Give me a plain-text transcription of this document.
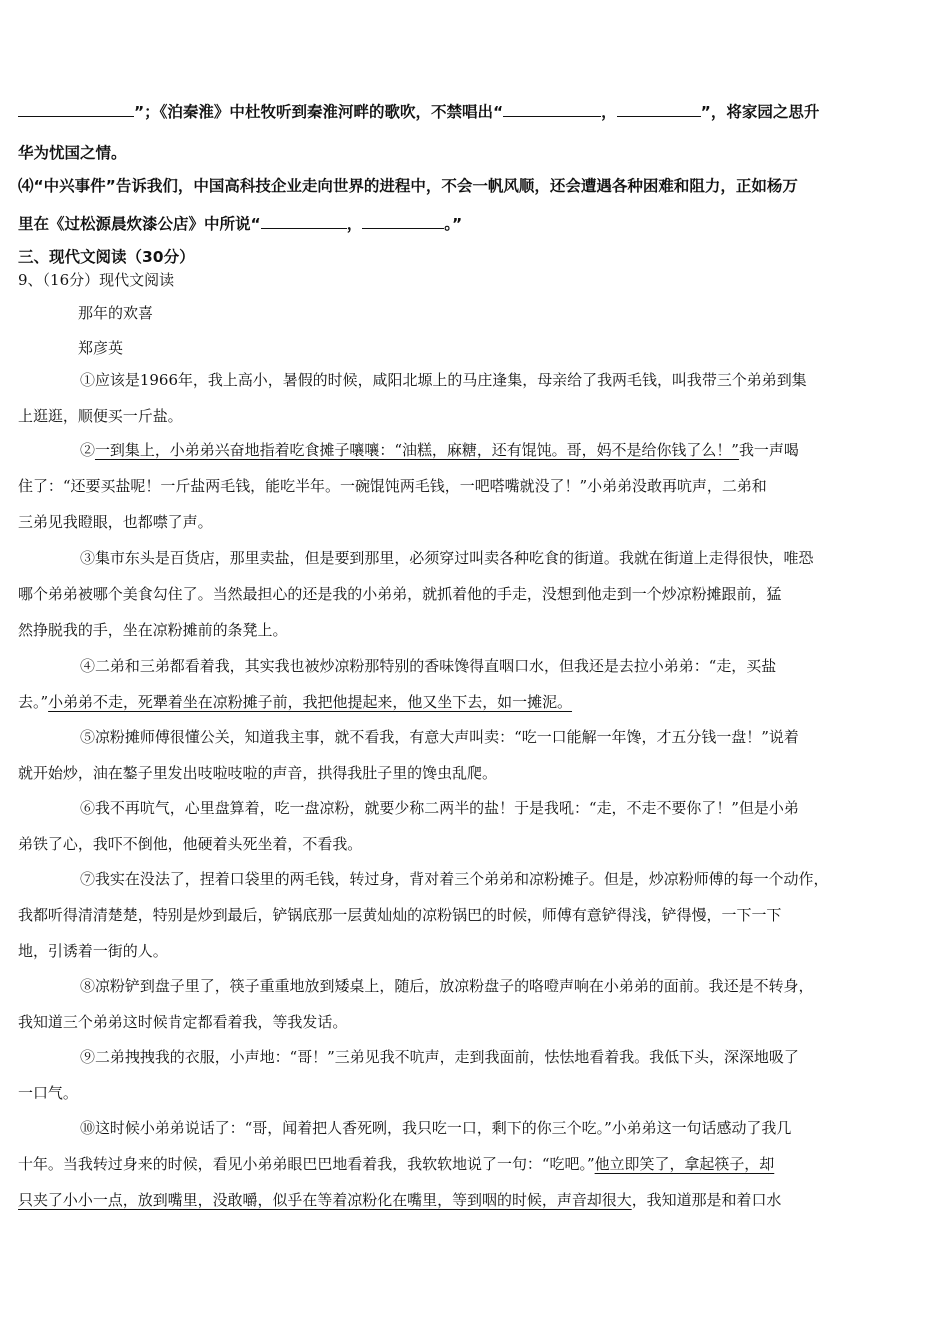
”；《泊秦淮》中杜牧听到秦淮河畔的歌吹，不禁唱出“	，	”，将家园之思升
华为忧国之情。
⑷“中兴事件”告诉我们，中国高科技企业走向世界的进程中，不会一帆风顺，还会遭遇各种困难和阻力，正如杨万
里在《过松源晨炊漆公店》中所说“	，	。”
三、现代文阅读（30分）
9、（16分）现代文阅读
那年的欢喜
郑彦英
①应该是1966年，我上高小，暑假的时候，咸阳北塬上的马庄逢集，母亲给了我两毛钱，叫我带三个弟弟到集
上逛逛，顺便买一斤盐。
②一到集上，小弟弟兴奋地指着吃食摊子嚷嚷：“油糕，麻糖，还有馄饨。哥，妈不是给你钱了么！”我一声喝
住了：“还要买盐呢！一斤盐两毛钱，能吃半年。一碗馄饨两毛钱，一吧嗒嘴就没了！”小弟弟没敢再吭声，二弟和
三弟见我瞪眼，也都噤了声。
③集市东头是百货店，那里卖盐，但是要到那里，必须穿过叫卖各种吃食的街道。我就在街道上走得很快，唯恐
哪个弟弟被哪个美食勾住了。当然最担心的还是我的小弟弟，就抓着他的手走，没想到他走到一个炒凉粉摊跟前，猛
然挣脱我的手，坐在凉粉摊前的条凳上。
④二弟和三弟都看着我，其实我也被炒凉粉那特别的香味馋得直咽口水，但我还是去拉小弟弟：“走，买盐
去。”小弟弟不走，死犟着坐在凉粉摊子前，我把他提起来，他又坐下去，如一摊泥。
⑤凉粉摊师傅很懂公关，知道我主事，就不看我，有意大声叫卖：“吃一口能解一年馋，才五分钱一盘！”说着
就开始炒，油在鏊子里发出吱啦吱啦的声音，拱得我肚子里的馋虫乱爬。
⑥我不再吭气，心里盘算着，吃一盘凉粉，就要少称二两半的盐！于是我吼：“走，不走不要你了！”但是小弟
弟铁了心，我吓不倒他，他硬着头死坐着，不看我。
⑦我实在没法了，捏着口袋里的两毛钱，转过身，背对着三个弟弟和凉粉摊子。但是，炒凉粉师傅的每一个动作，
我都听得清清楚楚，特别是炒到最后，铲锅底那一层黄灿灿的凉粉锅巴的时候，师傅有意铲得浅，铲得慢，一下一下
地，引诱着一街的人。
⑧凉粉铲到盘子里了，筷子重重地放到矮桌上，随后，放凉粉盘子的咯噔声响在小弟弟的面前。我还是不转身，
我知道三个弟弟这时候肯定都看着我，等我发话。
⑨二弟拽拽我的衣服，小声地：“哥！”三弟见我不吭声，走到我面前，怯怯地看着我。我低下头，深深地吸了
一口气。
⑩这时候小弟弟说话了：“哥，闻着把人香死咧，我只吃一口，剩下的你三个吃。”小弟弟这一句话感动了我几
十年。当我转过身来的时候，看见小弟弟眼巴巴地看着我，我软软地说了一句：“吃吧。”他立即笑了，拿起筷子，却
只夹了小小一点，放到嘴里，没敢嚼，似乎在等着凉粉化在嘴里，等到咽的时候，声音却很大，我知道那是和着口水
